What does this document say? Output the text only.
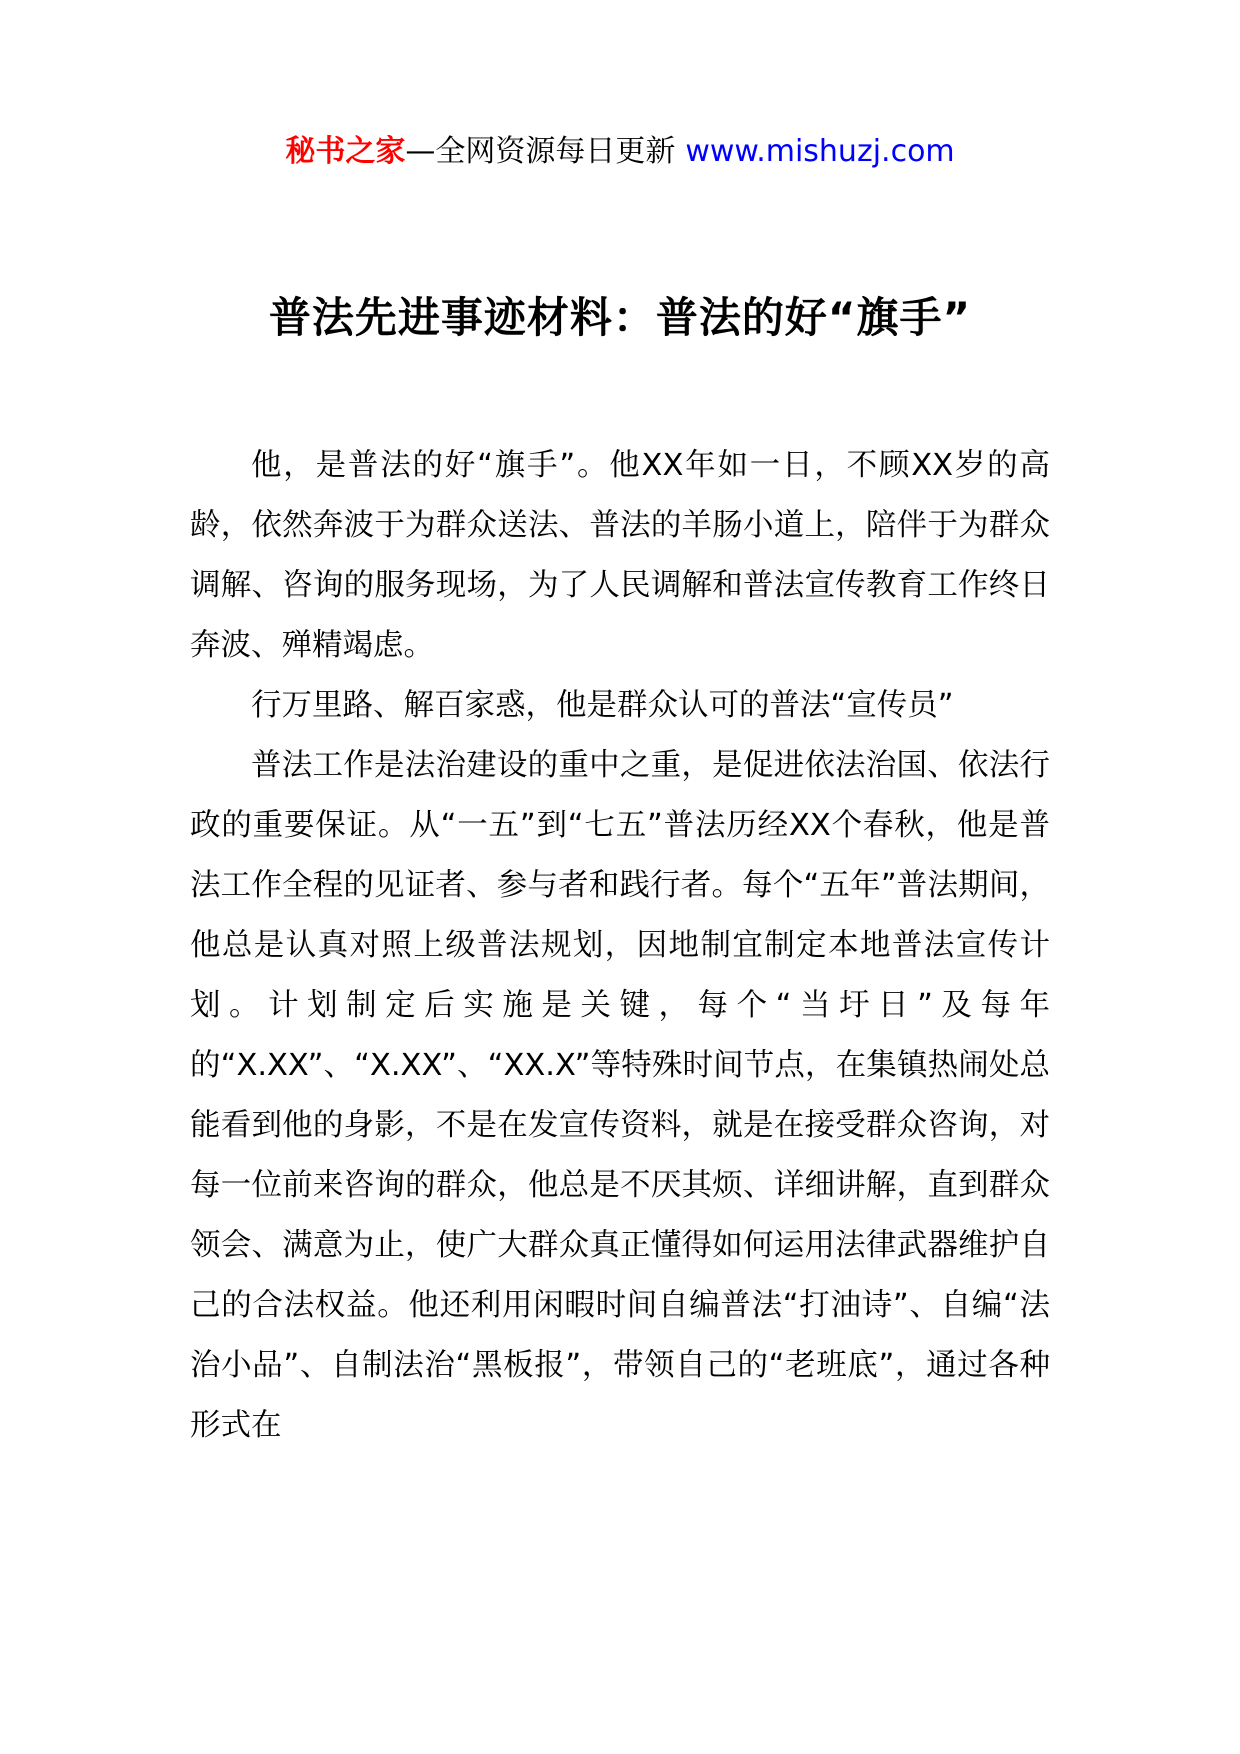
秘书之家—全网资源每日更新 www.mishuzj.com
普法先进事迹材料：普法的好“旗手”

他，是普法的好“旗手”。他XX年如一日，不顾XX岁的高龄，依然奔波于为群众送法、普法的羊肠小道上，陪伴于为群众调解、咨询的服务现场，为了人民调解和普法宣传教育工作终日奔波、殚精竭虑。

行万里路、解百家惑，他是群众认可的普法“宣传员”

普法工作是法治建设的重中之重，是促进依法治国、依法行政的重要保证。从“一五”到“七五”普法历经XX个春秋，他是普法工作全程的见证者、参与者和践行者。每个“五年”普法期间，他总是认真对照上级普法规划，因地制宜制定本地普法宣传计划。计划制定后实施是关键，每个“当圩日”及每年的“X.XX”、“X.XX”、“XX.X”等特殊时间节点，在集镇热闹处总能看到他的身影，不是在发宣传资料，就是在接受群众咨询，对每一位前来咨询的群众，他总是不厌其烦、详细讲解，直到群众领会、满意为止，使广大群众真正懂得如何运用法律武器维护自己的合法权益。他还利用闲暇时间自编普法“打油诗”、自编“法治小品”、自制法治“黑板报”，带领自己的“老班底”，通过各种形式在
